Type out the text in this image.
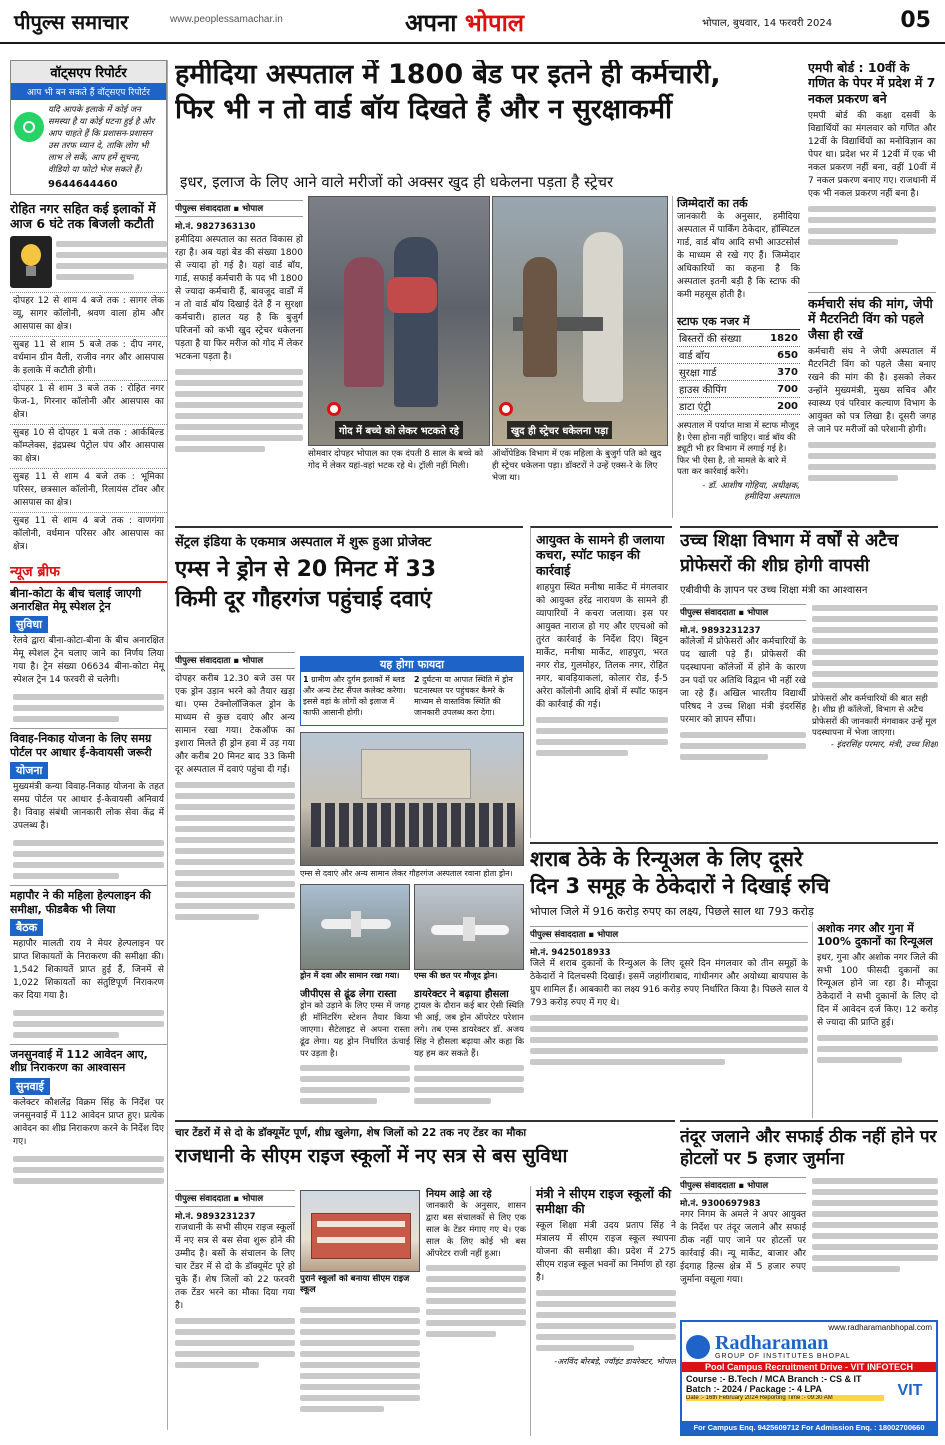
पीपुल्स समाचार	www.peoplessamachar.in	अपना भोपाल	भोपाल, बुधवार, 14 फरवरी 2024	05
वॉट्सएप रिपोर्टर
आप भी बन सकते हैं वॉट्सएप रिपोर्टर
यदि आपके इलाके में कोई जन समस्या है या कोई घटना हुई है और आप चाहते हैं कि प्रशासन-प्रशासन उस तरफ ध्यान दे, ताकि लोग भी लाभ ले सकें, आप हमें सूचना, वीडियो या फोटो भेज सकते हैं।
9644644460
रोहित नगर सहित कई इलाकों में आज 6 घंटे तक बिजली कटौती
दोपहर 12 से शाम 4 बजे तक : सागर लेक व्यू, सागर कॉलोनी, श्रवण वाला होम और आसपास का क्षेत्र।
सुबह 11 से शाम 5 बजे तक : दीप नगर, वर्धमान ग्रीन वैली, राजीव नगर और आसपास के इलाके में कटौती होगी।
दोपहर 1 से शाम 3 बजे तक : रोहित नगर फेज-1, गिरनार कॉलोनी और आसपास का क्षेत्र।
सुबह 10 से दोपहर 1 बजे तक : आर्कबिल्ड कॉम्प्लेक्स, इंद्रप्रस्थ पेट्रोल पंप और आसपास का क्षेत्र।
सुबह 11 से शाम 4 बजे तक : भूमिका परिसर, छत्रसाल कॉलोनी, रिलायंस टॉवर और आसपास का क्षेत्र।
सुबह 11 से शाम 4 बजे तक : वाणगंगा कॉलोनी, वर्धमान परिसर और आसपास का क्षेत्र।
न्यूज ब्रीफ
बीना-कोटा के बीच चलाई जाएगी अनारक्षित मेमू स्पेशल ट्रेन
सुविधा
रेलवे द्वारा बीना-कोटा-बीना के बीच अनारक्षित मेमू स्पेशल ट्रेन चलाए जाने का निर्णय लिया गया है। ट्रेन संख्या 06634 बीना-कोटा मेमू स्पेशल ट्रेन 14 फरवरी से चलेगी।
विवाह-निकाह योजना के लिए समग्र पोर्टल पर आधार ई-केवायसी जरूरी
योजना
मुख्यमंत्री कन्या विवाह-निकाह योजना के तहत समग्र पोर्टल पर आधार ई-केवायसी अनिवार्य है। विवाह संबंधी जानकारी लोक सेवा केंद्र में उपलब्ध है।
महापौर ने की महिला हेल्पलाइन की समीक्षा, फीडबैक भी लिया
बैठक
महापौर मालती राय ने मेयर हेल्पलाइन पर प्राप्त शिकायतों के निराकरण की समीक्षा की। 1,542 शिकायतें प्राप्त हुई हैं, जिनमें से 1,022 शिकायतों का संतुष्टिपूर्ण निराकरण कर दिया गया है।
जनसुनवाई में 112 आवेदन आए, शीघ्र निराकरण का आश्वासन
सुनवाई
कलेक्टर कौशलेंद्र विक्रम सिंह के निर्देश पर जनसुनवाई में 112 आवेदन प्राप्त हुए। प्रत्येक आवेदन का शीघ्र निराकरण करने के निर्देश दिए गए।
हमीदिया अस्पताल में 1800 बेड पर इतने ही कर्मचारी,
फिर भी न तो वार्ड बॉय दिखते हैं और न सुरक्षाकर्मी
इधर, इलाज के लिए आने वाले मरीजों को अक्सर खुद ही धकेलना पड़ता है स्ट्रेचर
पीपुल्स संवाददाता ▪ भोपाल
मो.नं. 9827363130
हमीदिया अस्पताल का सतत विकास हो रहा है। अब यहां बेड की संख्या 1800 से ज्यादा हो गई है। यहां वार्ड बॉय, गार्ड, सफाई कर्मचारी के पद भी 1800 से ज्यादा कर्मचारी हैं, बावजूद वार्डों में न तो वार्ड बॉय दिखाई देते हैं न सुरक्षा कर्मचारी। हालत यह है कि बुजुर्ग परिजनों को कभी खुद स्ट्रेचर धकेलना पड़ता है या फिर मरीज को गोद में लेकर भटकना पड़ता है।
गोद में बच्चे को लेकर भटकते रहे	खुद ही स्ट्रेचर धकेलना पड़ा
सोमवार दोपहर भोपाल का एक दंपती 8 साल के बच्चे को गोद में लेकर यहां-वहां भटक रहे थे। ट्रॉली नहीं मिली।
ऑर्थोपेडिक विभाग में एक महिला के बुजुर्ग पति को खुद ही स्ट्रेचर धकेलना पड़ा। डॉक्टरों ने उन्हें एक्स-रे के लिए भेजा था।
जिम्मेदारों का तर्क
जानकारी के अनुसार, हमीदिया अस्पताल में पार्किंग ठेकेदार, हॉस्पिटल गार्ड, वार्ड बॉय आदि सभी आउटसोर्स के माध्यम से रखे गए हैं। जिम्मेदार अधिकारियों का कहना है कि अस्पताल इतनी बड़ी है कि स्टाफ की कमी महसूस होती है।
स्टाफ एक नजर में
बिस्तरों की संख्या	1820
वार्ड बॉय	650
सुरक्षा गार्ड	370
हाउस कीपिंग	700
डाटा एंट्री	200
अस्पताल में पर्याप्त मात्रा में स्टाफ मौजूद है। ऐसा होना नहीं चाहिए। वार्ड बॉय की ड्यूटी भी हर विभाग में लगाई गई है। फिर भी ऐसा है, तो मामले के बारे में पता कर कार्रवाई करेंगे।
- डॉ. आशीष गोहिया, अधीक्षक, हमीदिया अस्पताल
एमपी बोर्ड : 10वीं के गणित के पेपर में प्रदेश में 7 नकल प्रकरण बने
एमपी बोर्ड की कक्षा दसवीं के विद्यार्थियों का मंगलवार को गणित और 12वीं के विद्यार्थियों का मनोविज्ञान का पेपर था। प्रदेश भर में 12वीं में एक भी नकल प्रकरण नहीं बना, वहीं 10वीं में 7 नकल प्रकरण बनाए गए। राजधानी में एक भी नकल प्रकरण नहीं बना है।
कर्मचारी संघ की मांग, जेपी में मैटरनिटी विंग को पहले जैसा ही रखें
कर्मचारी संघ ने जेपी अस्पताल में मैटरनिटी विंग को पहले जैसा बनाए रखने की मांग की है। इसको लेकर उन्होंने मुख्यमंत्री, मुख्य सचिव और स्वास्थ्य एवं परिवार कल्याण विभाग के आयुक्त को पत्र लिखा है। दूसरी जगह ले जाने पर मरीजों को परेशानी होगी।
सेंट्रल इंडिया के एकमात्र अस्पताल में शुरू हुआ प्रोजेक्ट
एम्स ने ड्रोन से 20 मिनट में 33
किमी दूर गौहरगंज पहुंचाई दवाएं
पीपुल्स संवाददाता ▪ भोपाल
दोपहर करीब 12.30 बजे उस पर एक ड्रोन उड़ान भरने को तैयार खड़ा था। एम्स टेक्नोलॉजिकल ड्रोन के माध्यम से कुछ दवाएं और अन्य सामान रखा गया। टेकऑफ का इशारा मिलते ही ड्रोन हवा में उड़ गया और करीब 20 मिनट बाद 33 किमी दूर अस्पताल में दवाएं पहुंचा दी गईं।
यह होगा फायदा
1 ग्रामीण और दुर्गम इलाकों में ब्लड और अन्य टेस्ट सैंपल कलेक्ट करेगा। इससे वहां के लोगों को इलाज में काफी आसानी होगी।
2 दुर्घटना या आपात स्थिति में ड्रोन घटनास्थल पर पहुंचकर कैमरे के माध्यम से वास्तविक स्थिति की जानकारी उपलब्ध करा देगा।
एम्स से दवाएं और अन्य सामान लेकर गौहरगंज अस्पताल रवाना होता ड्रोन।
ड्रोन में दवा और सामान रखा गया।	एम्स की छत पर मौजूद ड्रोन।
जीपीएस से ढूंढ लेगा रास्ता
ड्रोन को उड़ाने के लिए एम्स में जगह ही मॉनिटरिंग स्टेशन तैयार किया जाएगा। सैटेलाइट से अपना रास्ता ढूंढ लेगा। यह ड्रोन निर्धारित ऊंचाई पर उड़ता है।
डायरेक्टर ने बढ़ाया हौसला
ट्रायल के दौरान कई बार ऐसी स्थिति भी आई, जब ड्रोन ऑपरेटर परेशान लगे। तब एम्स डायरेक्टर डॉ. अजय सिंह ने हौसला बढ़ाया और कहा कि यह हम कर सकते हैं।
आयुक्त के सामने ही जलाया कचरा, स्पॉट फाइन की कार्रवाई
शाहपुरा स्थित मनीषा मार्केट में मंगलवार को आयुक्त हरेंद्र नारायण के सामने ही व्यापारियों ने कचरा जलाया। इस पर आयुक्त नाराज हो गए और एएचओ को तुरंत कार्रवाई के निर्देश दिए। बिट्टन मार्केट, मनीषा मार्केट, शाहपुरा, भरत नगर रोड, गुलमोहर, तिलक नगर, रोहित नगर, बावड़ियाकलां, कोलार रोड, ई-5 अरेरा कॉलोनी आदि क्षेत्रों में स्पॉट फाइन की कार्रवाई की गई।
उच्च शिक्षा विभाग में वर्षों से अटैच
प्रोफेसरों की शीघ्र होगी वापसी
एबीवीपी के ज्ञापन पर उच्च शिक्षा मंत्री का आश्वासन
पीपुल्स संवाददाता ▪ भोपाल
मो.नं. 9893231237
कॉलेजों में प्रोफेसरों और कर्मचारियों के पद खाली पड़े हैं। प्रोफेसरों की पदस्थापना कॉलेजों में होने के कारण उन पदों पर अतिथि विद्वान भी नहीं रखे जा रहे हैं। अखिल भारतीय विद्यार्थी परिषद ने उच्च शिक्षा मंत्री इंदरसिंह परमार को ज्ञापन सौंपा।
प्रोफेसरों और कर्मचारियों की बात सही है। शीघ्र ही कॉलेजों, विभाग से अटैच प्रोफेसरों की जानकारी मंगवाकर उन्हें मूल पदस्थापना में भेजा जाएगा।
- इंदरसिंह परमार, मंत्री, उच्च शिक्षा
शराब ठेके के रिन्यूअल के लिए दूसरे
दिन 3 समूह के ठेकेदारों ने दिखाई रुचि
भोपाल जिले में 916 करोड़ रुपए का लक्ष्य, पिछले साल था 793 करोड़
पीपुल्स संवाददाता ▪ भोपाल
मो.नं. 9425018933
जिले में शराब दुकानों के रिन्युअल के लिए दूसरे दिन मंगलवार को तीन समूहों के ठेकेदारों ने दिलचस्पी दिखाई। इसमें जहांगीराबाद, गांधीनगर और अयोध्या बायपास के ग्रुप शामिल हैं। आबकारी का लक्ष्य 916 करोड़ रुपए निर्धारित किया है। पिछले साल ये 793 करोड़ रुपए में गए थे।
अशोक नगर और गुना में 100% दुकानों का रिन्यूअल
इधर, गुना और अशोक नगर जिले की सभी 100 फीसदी दुकानों का रिन्यूअल होने जा रहा है। मौजूदा ठेकेदारों ने सभी दुकानों के लिए दो दिन में आवेदन दर्ज किए। 12 करोड़ से ज्यादा की प्राप्ति हुई।
तंदूर जलाने और सफाई ठीक नहीं होने पर होटलों पर 5 हजार जुर्माना
पीपुल्स संवाददाता ▪ भोपाल
मो.नं. 9300697983
नगर निगम के अमले ने अपर आयुक्त के निर्देश पर तंदूर जलाने और सफाई ठीक नहीं पाए जाने पर होटलों पर कार्रवाई की। न्यू मार्केट, बाजार और ईदगाह हिल्स क्षेत्र में 5 हजार रुपए जुर्माना वसूला गया।
चार टेंडरों में से दो के डॉक्यूमेंट पूर्ण, शीघ्र खुलेगा, शेष जिलों को 22 तक नए टेंडर का मौका
राजधानी के सीएम राइज स्कूलों में नए सत्र से बस सुविधा
पीपुल्स संवाददाता ▪ भोपाल
मो.नं. 9893231237
राजधानी के सभी सीएम राइज स्कूलों में नए सत्र से बस सेवा शुरू होने की उम्मीद है। बसों के संचालन के लिए चार टेंडर में से दो के डॉक्यूमेंट पूरे हो चुके हैं। शेष जिलों को 22 फरवरी तक टेंडर भरने का मौका दिया गया है।
पुराने स्कूलों को बनाया सीएम राइज स्कूल
नियम आड़े आ रहे
जानकारी के अनुसार, शासन द्वारा बस संचालकों से लिए एक साल के टेंडर मंगाए गए थे। एक साल के लिए कोई भी बस ऑपरेटर राजी नहीं हुआ।
मंत्री ने सीएम राइज स्कूलों की समीक्षा की
स्कूल शिक्षा मंत्री उदय प्रताप सिंह ने मंत्रालय में सीएम राइज स्कूल स्थापना योजना की समीक्षा की। प्रदेश में 275 सीएम राइज स्कूल भवनों का निर्माण हो रहा है।
-अरविंद बोरबड़े, ज्वॉइंट डायरेक्टर, भोपाल
www.radharamanbhopal.com
Radharaman
GROUP OF INSTITUTES BHOPAL
Pool Campus Recruitment Drive - VIT INFOTECH
Course :- B.Tech / MCA Branch :- CS & IT
Batch :- 2024 / Package :- 4 LPA
Date :- 16th February 2024 Reporting Time :- 09:30 AM	VIT
For Campus Enq. 9425609712 For Admission Enq. : 18002700660
